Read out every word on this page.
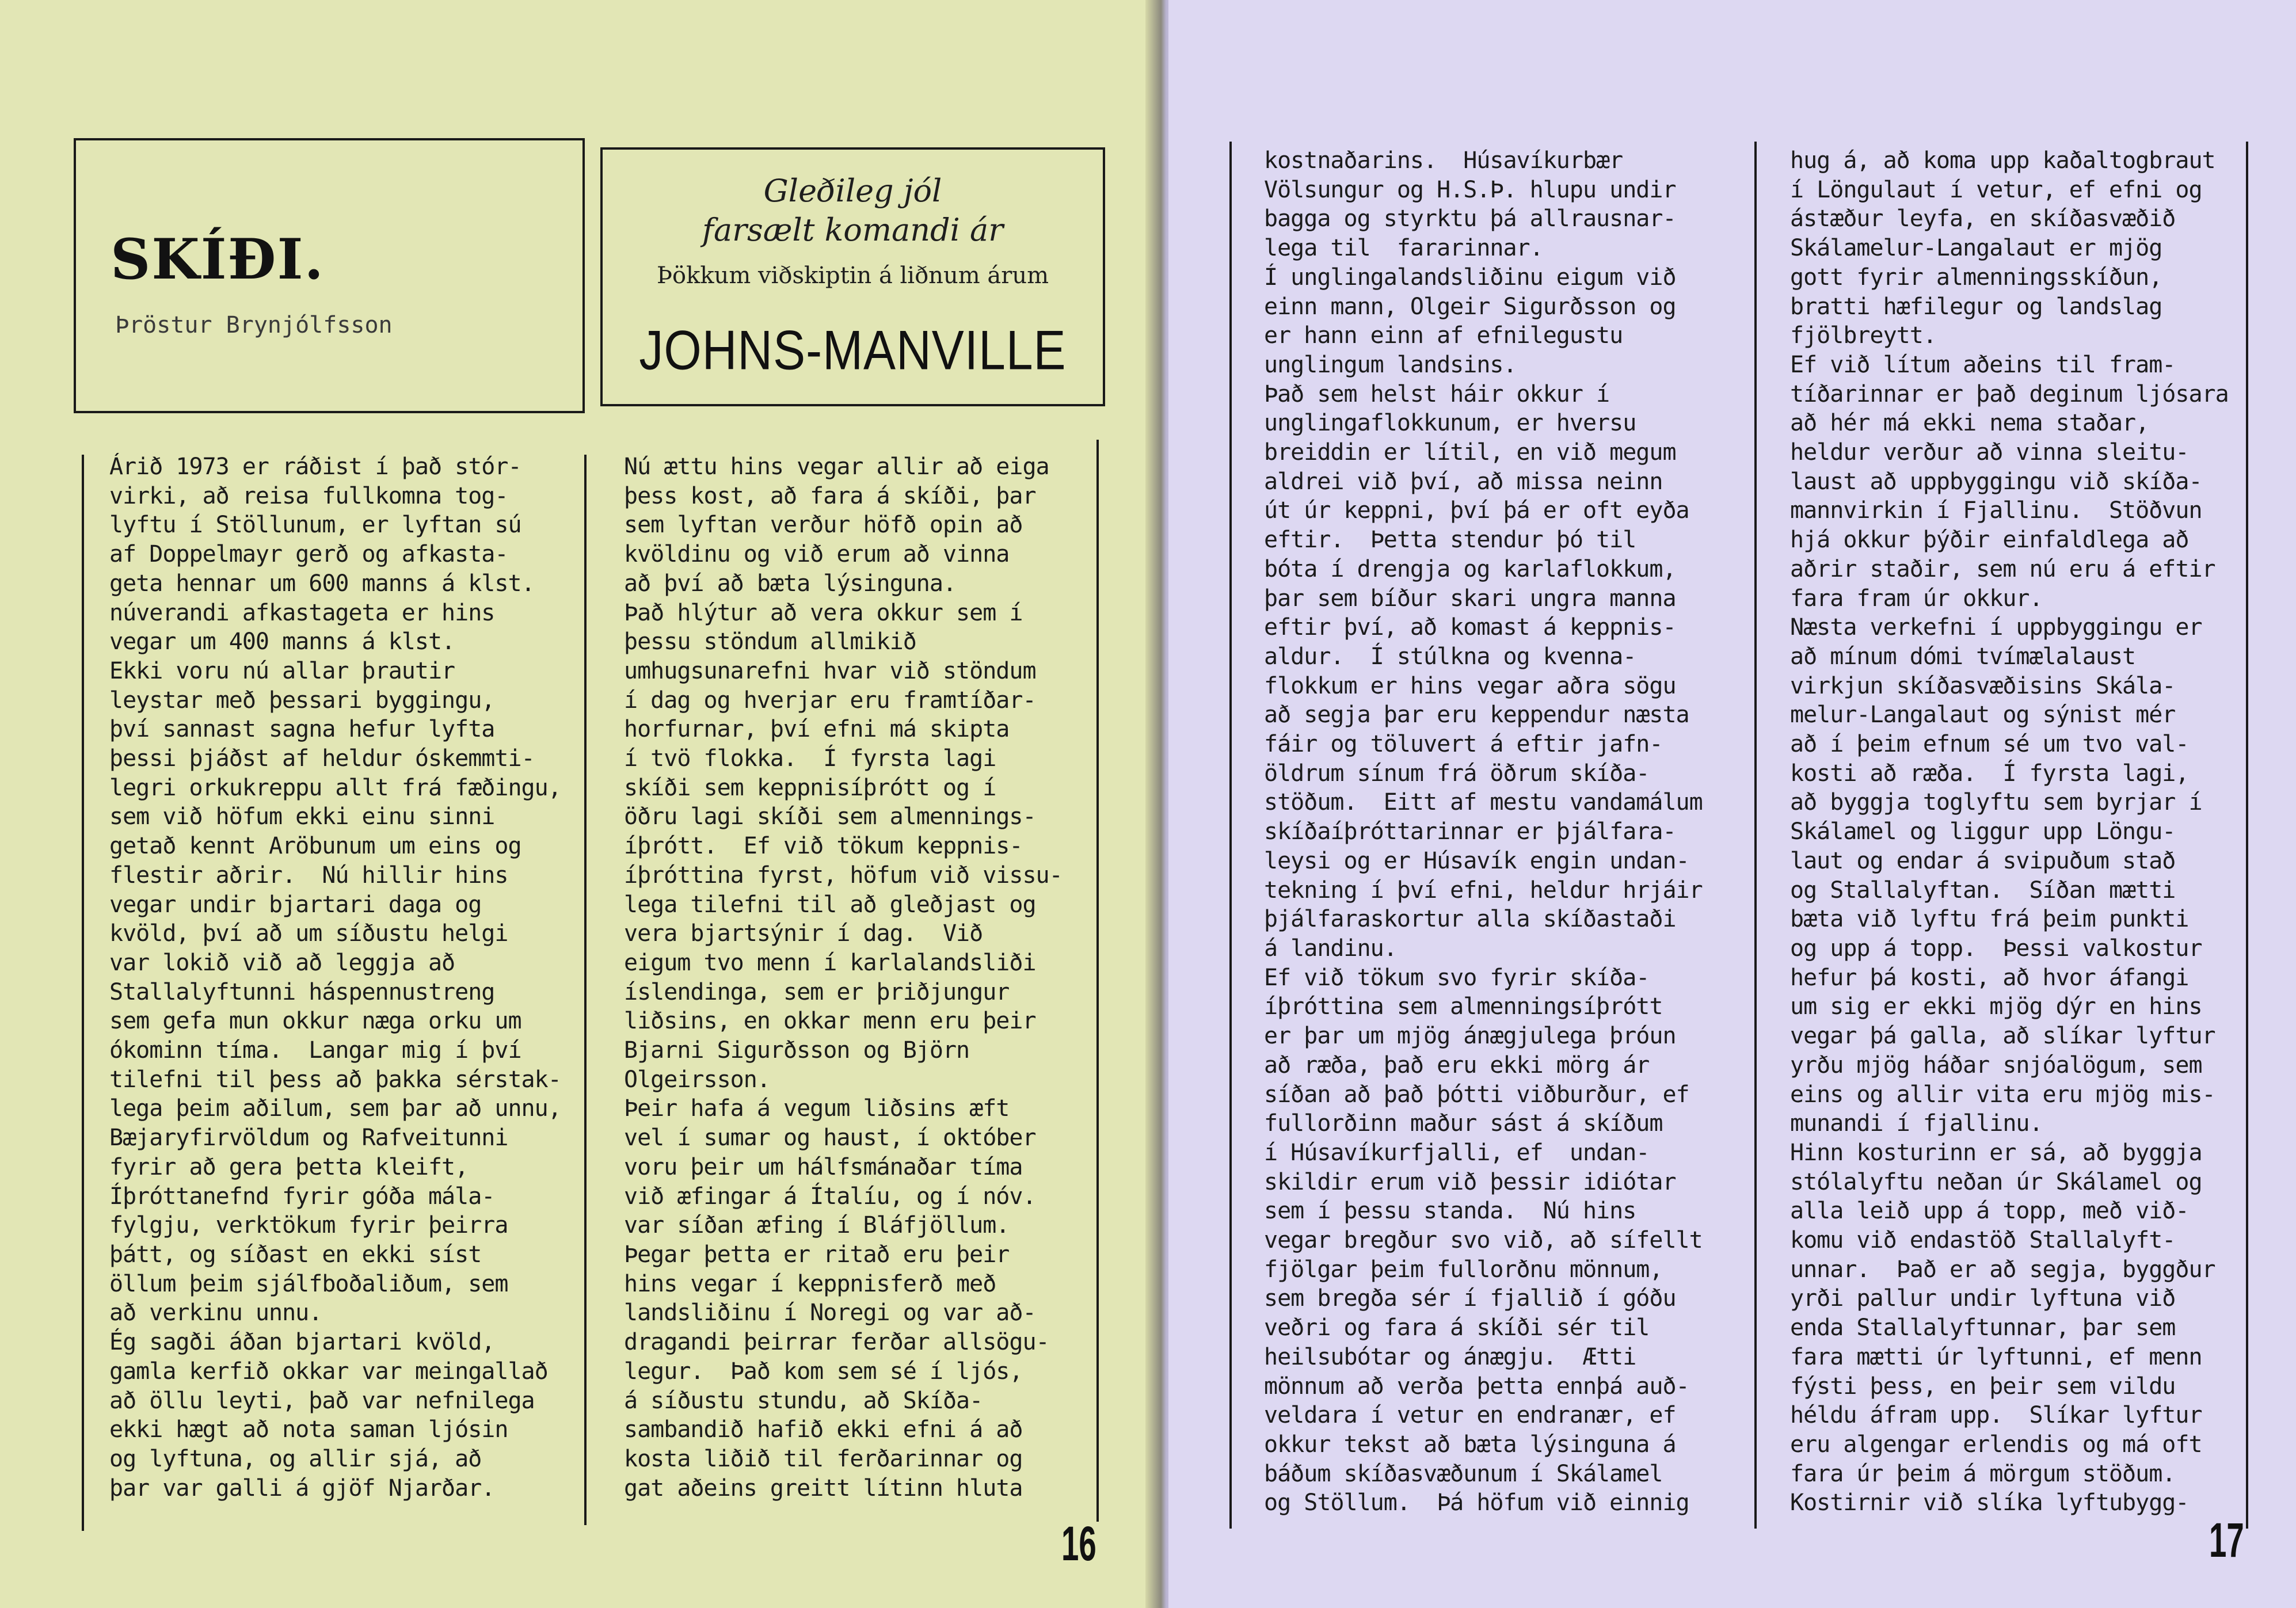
SKÍÐI.
Þröstur Brynjólfsson
Gleðileg jól
farsælt komandi ár
Þökkum viðskiptin á liðnum árum
JOHNS-MANVILLE
Árið 1973 er ráðist í það stór-
virki, að reisa fullkomna tog-
lyftu í Stöllunum, er lyftan sú
af Doppelmayr gerð og afkasta-
geta hennar um 600 manns á klst.
núverandi afkastageta er hins
vegar um 400 manns á klst.
Ekki voru nú allar þrautir
leystar með þessari byggingu,
því sannast sagna hefur lyfta
þessi þjáðst af heldur óskemmti-
legri orkukreppu allt frá fæðingu,
sem við höfum ekki einu sinni
getað kennt Aröbunum um eins og
flestir aðrir.  Nú hillir hins
vegar undir bjartari daga og
kvöld, því að um síðustu helgi
var lokið við að leggja að
Stallalyftunni háspennustreng
sem gefa mun okkur næga orku um
ókominn tíma.  Langar mig í því
tilefni til þess að þakka sérstak-
lega þeim aðilum, sem þar að unnu,
Bæjaryfirvöldum og Rafveitunni
fyrir að gera þetta kleift,
Íþróttanefnd fyrir góða mála-
fylgju, verktökum fyrir þeirra
þátt, og síðast en ekki síst
öllum þeim sjálfboðaliðum, sem
að verkinu unnu.
Ég sagði áðan bjartari kvöld,
gamla kerfið okkar var meingallað
að öllu leyti, það var nefnilega
ekki hægt að nota saman ljósin
og lyftuna, og allir sjá, að
þar var galli á gjöf Njarðar.
Nú ættu hins vegar allir að eiga
þess kost, að fara á skíði, þar
sem lyftan verður höfð opin að
kvöldinu og við erum að vinna
að því að bæta lýsinguna.
Það hlýtur að vera okkur sem í
þessu stöndum allmikið
umhugsunarefni hvar við stöndum
í dag og hverjar eru framtíðar-
horfurnar, því efni má skipta
í tvö flokka.  Í fyrsta lagi
skíði sem keppnisíþrótt og í
öðru lagi skíði sem almennings-
íþrótt.  Ef við tökum keppnis-
íþróttina fyrst, höfum við vissu-
lega tilefni til að gleðjast og
vera bjartsýnir í dag.  Við
eigum tvo menn í karlalandsliði
íslendinga, sem er þriðjungur
liðsins, en okkar menn eru þeir
Bjarni Sigurðsson og Björn
Olgeirsson.
Þeir hafa á vegum liðsins æft
vel í sumar og haust, í október
voru þeir um hálfsmánaðar tíma
við æfingar á Ítalíu, og í nóv.
var síðan æfing í Bláfjöllum.
Þegar þetta er ritað eru þeir
hins vegar í keppnisferð með
landsliðinu í Noregi og var að-
dragandi þeirrar ferðar allsögu-
legur.  Það kom sem sé í ljós,
á síðustu stundu, að Skíða-
sambandið hafið ekki efni á að
kosta liðið til ferðarinnar og
gat aðeins greitt lítinn hluta
16
kostnaðarins.  Húsavíkurbær
Völsungur og H.S.Þ. hlupu undir
bagga og styrktu þá allrausnar-
lega til  fararinnar.
Í unglingalandsliðinu eigum við
einn mann, Olgeir Sigurðsson og
er hann einn af efnilegustu
unglingum landsins.
Það sem helst háir okkur í
unglingaflokkunum, er hversu
breiddin er lítil, en við megum
aldrei við því, að missa neinn
út úr keppni, því þá er oft eyða
eftir.  Þetta stendur þó til
bóta í drengja og karlaflokkum,
þar sem bíður skari ungra manna
eftir því, að komast á keppnis-
aldur.  Í stúlkna og kvenna-
flokkum er hins vegar aðra sögu
að segja þar eru keppendur næsta
fáir og töluvert á eftir jafn-
öldrum sínum frá öðrum skíða-
stöðum.  Eitt af mestu vandamálum
skíðaíþróttarinnar er þjálfara-
leysi og er Húsavík engin undan-
tekning í því efni, heldur hrjáir
þjálfaraskortur alla skíðastaði
á landinu.
Ef við tökum svo fyrir skíða-
íþróttina sem almenningsíþrótt
er þar um mjög ánægjulega þróun
að ræða, það eru ekki mörg ár
síðan að það þótti viðburður, ef
fullorðinn maður sást á skíðum
í Húsavíkurfjalli, ef  undan-
skildir erum við þessir idiótar
sem í þessu standa.  Nú hins
vegar bregður svo við, að sífellt
fjölgar þeim fullorðnu mönnum,
sem bregða sér í fjallið í góðu
veðri og fara á skíði sér til
heilsubótar og ánægju.  Ætti
mönnum að verða þetta ennþá auð-
veldara í vetur en endranær, ef
okkur tekst að bæta lýsinguna á
báðum skíðasvæðunum í Skálamel
og Stöllum.  Þá höfum við einnig
hug á, að koma upp kaðaltogbraut
í Löngulaut í vetur, ef efni og
ástæður leyfa, en skíðasvæðið
Skálamelur-Langalaut er mjög
gott fyrir almenningsskíðun,
bratti hæfilegur og landslag
fjölbreytt.
Ef við lítum aðeins til fram-
tíðarinnar er það deginum ljósara
að hér má ekki nema staðar,
heldur verður að vinna sleitu-
laust að uppbyggingu við skíða-
mannvirkin í Fjallinu.  Stöðvun
hjá okkur þýðir einfaldlega að
aðrir staðir, sem nú eru á eftir
fara fram úr okkur.
Næsta verkefni í uppbyggingu er
að mínum dómi tvímælalaust
virkjun skíðasvæðisins Skála-
melur-Langalaut og sýnist mér
að í þeim efnum sé um tvo val-
kosti að ræða.  Í fyrsta lagi,
að byggja toglyftu sem byrjar í
Skálamel og liggur upp Löngu-
laut og endar á svipuðum stað
og Stallalyftan.  Síðan mætti
bæta við lyftu frá þeim punkti
og upp á topp.  Þessi valkostur
hefur þá kosti, að hvor áfangi
um sig er ekki mjög dýr en hins
vegar þá galla, að slíkar lyftur
yrðu mjög háðar snjóalögum, sem
eins og allir vita eru mjög mis-
munandi í fjallinu.
Hinn kosturinn er sá, að byggja
stólalyftu neðan úr Skálamel og
alla leið upp á topp, með við-
komu við endastöð Stallalyft-
unnar.  Það er að segja, byggður
yrði pallur undir lyftuna við
enda Stallalyftunnar, þar sem
fara mætti úr lyftunni, ef menn
fýsti þess, en þeir sem vildu
héldu áfram upp.  Slíkar lyftur
eru algengar erlendis og má oft
fara úr þeim á mörgum stöðum.
Kostirnir við slíka lyftubygg-
17
